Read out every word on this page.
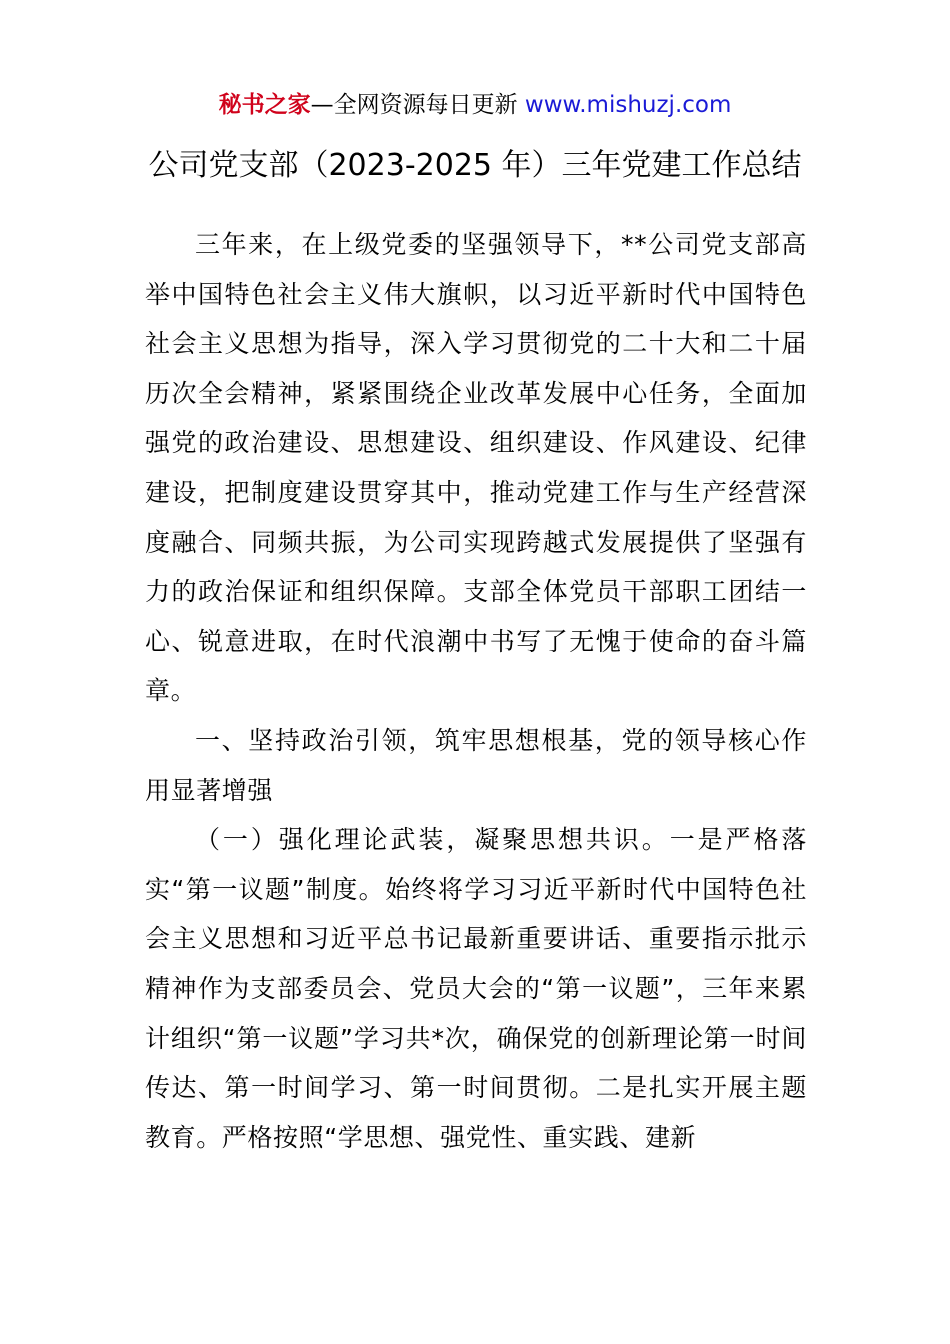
秘书之家—全网资源每日更新 www.mishuzj.com
公司党支部（2023-2025 年）三年党建工作总结

三年来，在上级党委的坚强领导下，**公司党支部高举中国特色社会主义伟大旗帜，以习近平新时代中国特色社会主义思想为指导，深入学习贯彻党的二十大和二十届历次全会精神，紧紧围绕企业改革发展中心任务，全面加强党的政治建设、思想建设、组织建设、作风建设、纪律建设，把制度建设贯穿其中，推动党建工作与生产经营深度融合、同频共振，为公司实现跨越式发展提供了坚强有力的政治保证和组织保障。支部全体党员干部职工团结一心、锐意进取，在时代浪潮中书写了无愧于使命的奋斗篇章。

一、坚持政治引领，筑牢思想根基，党的领导核心作用显著增强

（一）强化理论武装，凝聚思想共识。一是严格落实“第一议题”制度。始终将学习习近平新时代中国特色社会主义思想和习近平总书记最新重要讲话、重要指示批示精神作为支部委员会、党员大会的“第一议题”，三年来累计组织“第一议题”学习共*次，确保党的创新理论第一时间传达、第一时间学习、第一时间贯彻。二是扎实开展主题教育。严格按照“学思想、强党性、重实践、建新
